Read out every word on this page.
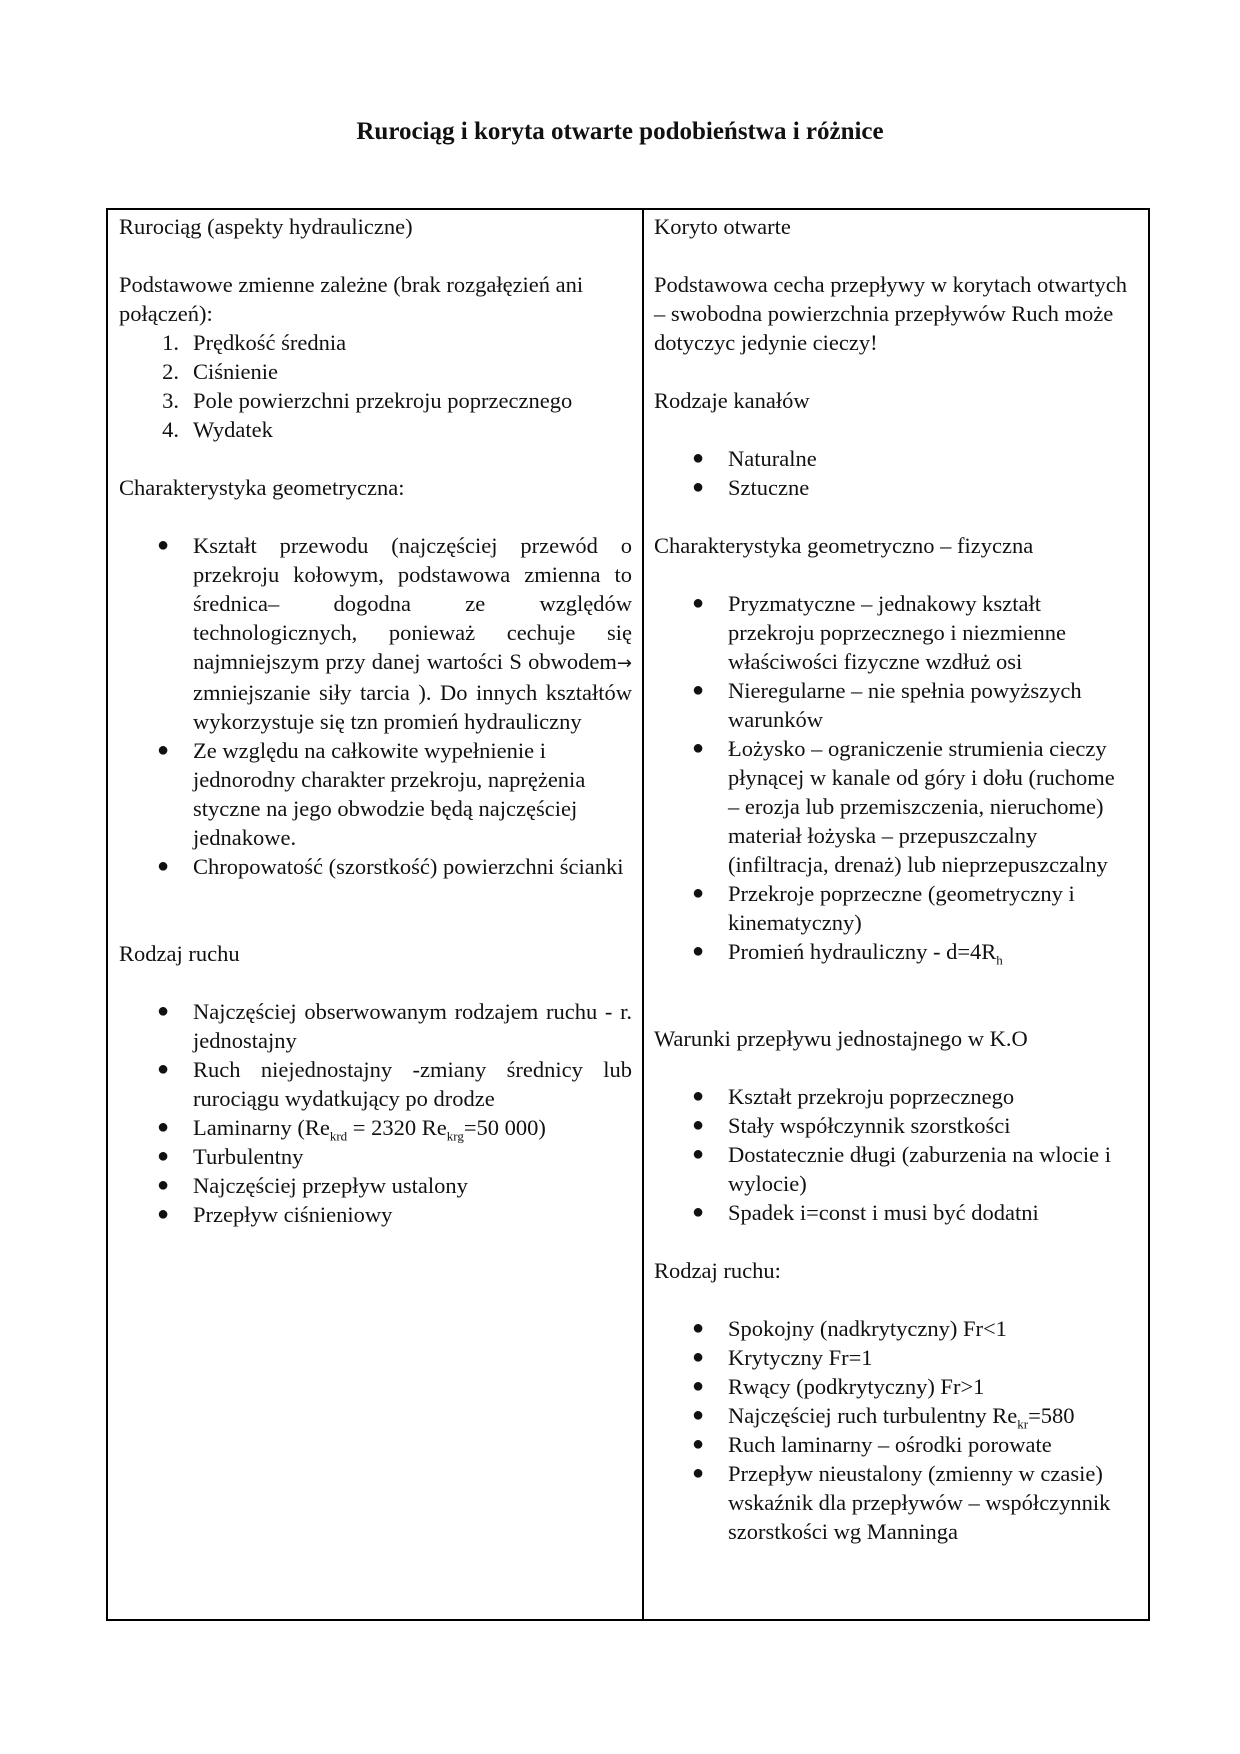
Rurociąg i koryta otwarte podobieństwa i różnice

Rurociąg (aspekty hydrauliczne)

Podstawowe zmienne zależne (brak rozgałęzień ani połączeń):

1. Prędkość średnia
2. Ciśnienie
3. Pole powierzchni przekroju poprzecznego
4. Wydatek

Charakterystyka geometryczna:

● Kształt przewodu (najczęściej przewód o przekroju kołowym, podstawowa zmienna to średnica– dogodna ze względów technologicznych, ponieważ cechuje się najmniejszym przy danej wartości S obwodem→ zmniejszanie siły tarcia ). Do innych kształtów wykorzystuje się tzn promień hydrauliczny
● Ze względu na całkowite wypełnienie i jednorodny charakter przekroju, naprężenia styczne na jego obwodzie będą najczęściej jednakowe.
● Chropowatość (szorstkość) powierzchni ścianki

Rodzaj ruchu

● Najczęściej obserwowanym rodzajem ruchu - r. jednostajny
● Ruch niejednostajny -zmiany średnicy lub rurociągu wydatkujący po drodze
● Laminarny ($Re_{krd} = 2320$ $Re_{krg}=50$ 000)
● Turbulentny
● Najczęściej przepływ ustalony
● Przepływ ciśnieniowy

Koryto otwarte

Podstawowa cecha przepływy w korytach otwartych – swobodna powierzchnia przepływów Ruch może dotyczyc jedynie cieczy!

Rodzaje kanałów

● Naturalne
● Sztuczne

Charakterystyka geometryczno – fizyczna

● Pryzmatyczne – jednakowy kształt przekroju poprzecznego i niezmienne właściwości fizyczne wzdłuż osi
● Nieregularne – nie spełnia powyższych warunków
● Łożysko – ograniczenie strumienia cieczy płynącej w kanale od góry i dołu (ruchome – erozja lub przemiszczenia, nieruchome) materiał łożyska – przepuszczalny (infiltracja, drenaż) lub nieprzepuszczalny
● Przekroje poprzeczne (geometryczny i kinematyczny)
● Promień hydrauliczny - $d=4R_h$

Warunki przepływu jednostajnego w K.O

● Kształt przekroju poprzecznego
● Stały współczynnik szorstkości
● Dostatecznie długi (zaburzenia na wlocie i wylocie)
● Spadek i=const i musi być dodatni

Rodzaj ruchu:

● Spokojny (nadkrytyczny) Fr<1
● Krytyczny Fr=1
● Rwący (podkrytyczny) Fr>1
● Najczęściej ruch turbulentny $Re_{kr}=580$
● Ruch laminarny – ośrodki porowate
● Przepływ nieustalony (zmienny w czasie) wskaźnik dla przepływów – współczynnik szorstkości wg Manninga
